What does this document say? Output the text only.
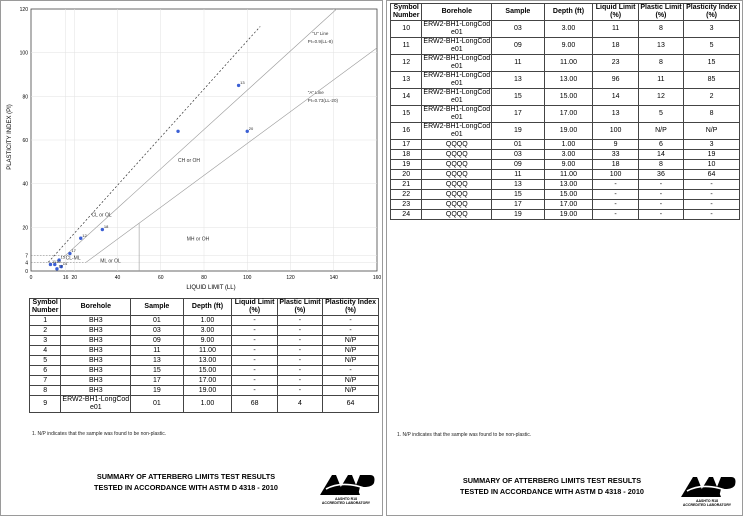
0	16 20	40	60	80	100	120	140	160
0
4
7
20
40
60
80
100
120
CH or OH
CL or OL
MH or OH
ML or OL
CL-ML
"U" Line
PI=0.9(LL-8)
"A" Line
PI=0.73(LL-20)
13
20
12
18
17
14
15
10
11
17
LIQUID LIMIT (LL)
PLASTICITY INDEX (PI)
Symbol Number	Borehole	Sample	Depth (ft)	Liquid Limit (%)	Plastic Limit (%)	Plasticity Index (%)
1	BH3	01	1.00	-	-	-
2	BH3	03	3.00	-	-	-
3	BH3	09	9.00	-	-	N/P
4	BH3	11	11.00	-	-	N/P
5	BH3	13	13.00	-	-	N/P
6	BH3	15	15.00	-	-	-
7	BH3	17	17.00	-	-	N/P
8	BH3	19	19.00	-	-	N/P
9	ERW2-BH1-LongCode01	01	1.00	68	4	64
1. N/P indicates that the sample was found to be non-plastic.
SUMMARY OF ATTERBERG LIMITS TEST RESULTS
TESTED IN ACCORDANCE WITH ASTM D 4318 - 2010
AASHTO R18
ACCREDITED LABORATORY
Symbol Number	Borehole	Sample	Depth (ft)	Liquid Limit (%)	Plastic Limit (%)	Plasticity Index (%)
10	ERW2-BH1-LongCode01	03	3.00	11	8	3
11	ERW2-BH1-LongCode01	09	9.00	18	13	5
12	ERW2-BH1-LongCode01	11	11.00	23	8	15
13	ERW2-BH1-LongCode01	13	13.00	96	11	85
14	ERW2-BH1-LongCode01	15	15.00	14	12	2
15	ERW2-BH1-LongCode01	17	17.00	13	5	8
16	ERW2-BH1-LongCode01	19	19.00	100	N/P	N/P
17	QQQQ	01	1.00	9	6	3
18	QQQQ	03	3.00	33	14	19
19	QQQQ	09	9.00	18	8	10
20	QQQQ	11	11.00	100	36	64
21	QQQQ	13	13.00	-	-	-
22	QQQQ	15	15.00	-	-	-
23	QQQQ	17	17.00	-	-	-
24	QQQQ	19	19.00	-	-	-
1. N/P indicates that the sample was found to be non-plastic.
SUMMARY OF ATTERBERG LIMITS TEST RESULTS
TESTED IN ACCORDANCE WITH ASTM D 4318 - 2010
AASHTO R18
ACCREDITED LABORATORY
